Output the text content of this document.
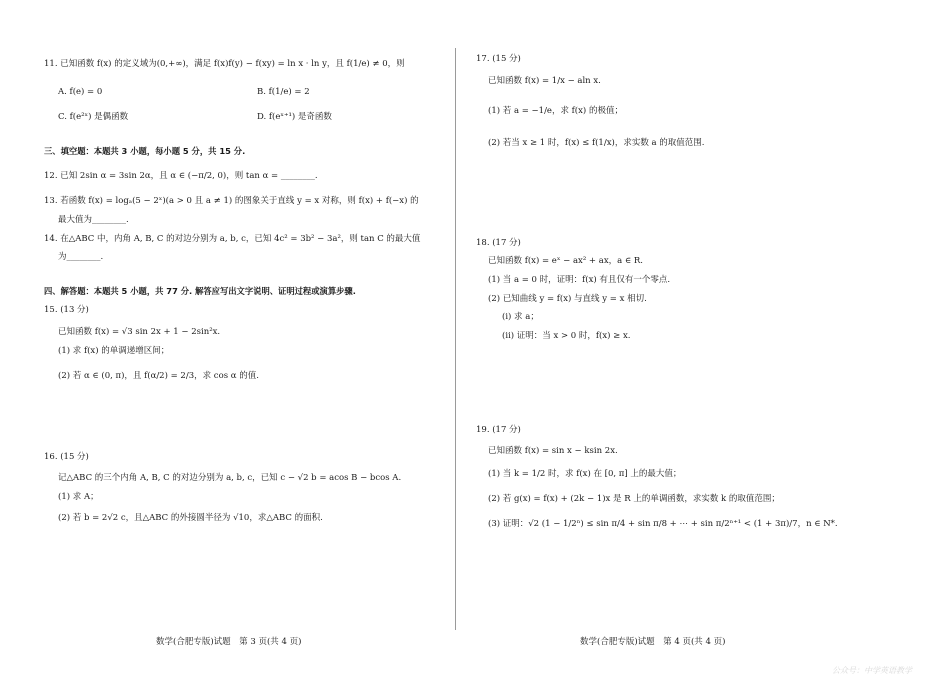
11. 已知函数 f(x) 的定义域为(0,+∞)，满足 f(x)f(y) − f(xy) = ln x · ln y，且 f(1/e) ≠ 0，则
A. f(e) = 0	B. f(1/e) = 2
C. f(e²ˣ) 是偶函数	D. f(eˣ⁺¹) 是奇函数
三、填空题：本题共 3 小题，每小题 5 分，共 15 分.
12. 已知 2sin α = 3sin 2α，且 α ∈ (−π/2, 0)，则 tan α = ________.
13. 若函数 f(x) = logₐ(5 − 2ˣ)(a > 0 且 a ≠ 1) 的图象关于直线 y = x 对称，则 f(x) + f(−x) 的
最大值为________.
14. 在△ABC 中，内角 A, B, C 的对边分别为 a, b, c，已知 4c² = 3b² − 3a²，则 tan C 的最大值
为________.
四、解答题：本题共 5 小题，共 77 分. 解答应写出文字说明、证明过程或演算步骤.
15. (13 分)
已知函数 f(x) = √3 sin 2x + 1 − 2sin²x.
(1) 求 f(x) 的单调递增区间；
(2) 若 α ∈ (0, π)，且 f(α/2) = 2/3，求 cos α 的值.
16. (15 分)
记△ABC 的三个内角 A, B, C 的对边分别为 a, b, c，已知 c − √2 b = acos B − bcos A.
(1) 求 A；
(2) 若 b = 2√2 c，且△ABC 的外接圆半径为 √10，求△ABC 的面积.
数学(合肥专版)试题　第 3 页(共 4 页)
17. (15 分)
已知函数 f(x) = 1/x − aln x.
(1) 若 a = −1/e，求 f(x) 的极值；
(2) 若当 x ≥ 1 时，f(x) ≤ f(1/x)，求实数 a 的取值范围.
18. (17 分)
已知函数 f(x) = eˣ − ax² + ax，a ∈ R.
(1) 当 a = 0 时，证明：f(x) 有且仅有一个零点.
(2) 已知曲线 y = f(x) 与直线 y = x 相切.
(ⅰ) 求 a；
(ⅱ) 证明：当 x > 0 时，f(x) ≥ x.
19. (17 分)
已知函数 f(x) = sin x − ksin 2x.
(1) 当 k = 1/2 时，求 f(x) 在 [0, π] 上的最大值；
(2) 若 g(x) = f(x) + (2k − 1)x 是 R 上的单调函数，求实数 k 的取值范围；
(3) 证明：√2 (1 − 1/2ⁿ) ≤ sin π/4 + sin π/8 + ⋯ + sin π/2ⁿ⁺¹ < (1 + 3π)/7，n ∈ N*.
数学(合肥专版)试题　第 4 页(共 4 页)
公众号：中学英语教学
